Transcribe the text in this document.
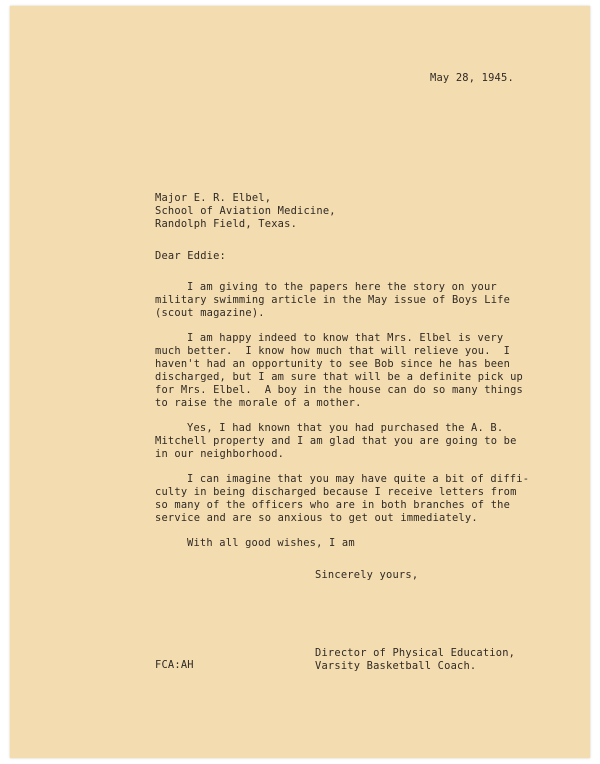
May 28, 1945.
Major E. R. Elbel,
School of Aviation Medicine,
Randolph Field, Texas.
Dear Eddie:
I am giving to the papers here the story on your
military swimming article in the May issue of Boys Life
(scout magazine).
I am happy indeed to know that Mrs. Elbel is very
much better.  I know how much that will relieve you.  I
haven't had an opportunity to see Bob since he has been
discharged, but I am sure that will be a definite pick up
for Mrs. Elbel.  A boy in the house can do so many things
to raise the morale of a mother.
Yes, I had known that you had purchased the A. B.
Mitchell property and I am glad that you are going to be
in our neighborhood.
I can imagine that you may have quite a bit of diffi-
culty in being discharged because I receive letters from
so many of the officers who are in both branches of the
service and are so anxious to get out immediately.
With all good wishes, I am
Sincerely yours,
FCA:AH
Director of Physical Education,
Varsity Basketball Coach.
